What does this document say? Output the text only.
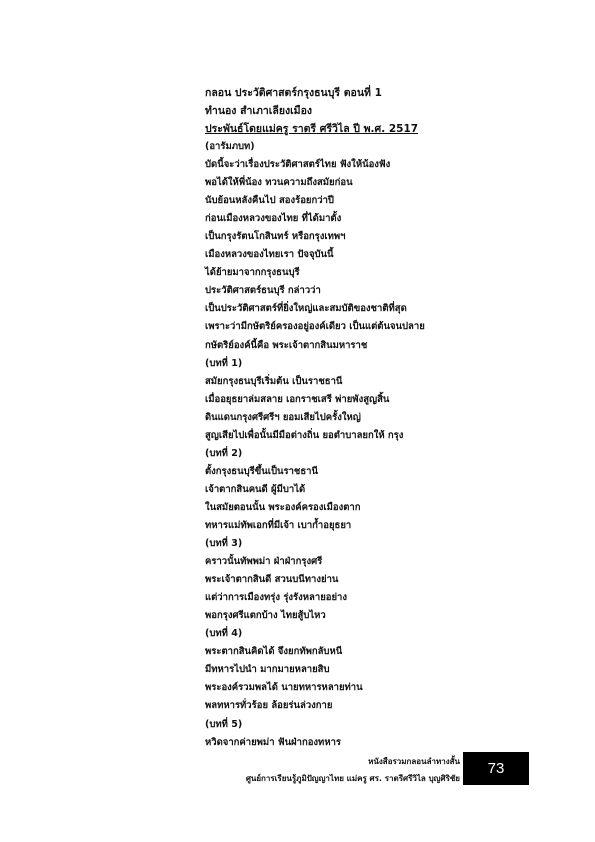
กลอน ประวัติศาสตร์กรุงธนบุรี ตอนที่ 1
ทำนอง สำเภาเลียงเมือง
ประพันธ์โดยแม่ครู ราตรี ศรีวิไล ปี พ.ศ. 2517
(อารัมภบท)
บัดนี้จะว่าเรื่องประวัติศาสตร์ไทย ฟังให้น้องฟัง
พอได้ให้พี่น้อง ทวนความถึงสมัยก่อน
นับย้อนหลังคืนไป สองร้อยกว่าปี
ก่อนเมืองหลวงของไทย ที่ได้มาตั้ง
เป็นกรุงรัตนโกสินทร์ หรือกรุงเทพฯ
เมืองหลวงของไทยเรา ปัจจุบันนี้
ได้ย้ายมาจากกรุงธนบุรี
ประวัติศาสตร์ธนบุรี กล่าวว่า
เป็นประวัติศาสตร์ที่ยิ่งใหญ่และสมบัติของชาติที่สุด
เพราะว่ามีกษัตริย์ครองอยู่องค์เดียว เป็นแต่ต้นจนปลาย
กษัตริย์องค์นี้คือ พระเจ้าตากสินมหาราช
(บทที่ 1)
สมัยกรุงธนบุรีเริ่มต้น เป็นราชธานี
เมื่ออยุธยาล่มสลาย เอกราชเสรี พ่ายพังสูญสิ้น
ดินแดนกรุงศรีศรีฯ ยอมเสียไปครั้งใหญ่
สูญเสียไปเพื่อนั้นมีมือต่างถิ่น ยอตำบาลยกให้ กรุง
(บทที่ 2)
ตั้งกรุงธนบุรีขึ้นเป็นราชธานี
เจ้าตากสินคนดี ผู้มีบาได้
ในสมัยตอนนั้น พระองค์ครองเมืองตาก
ทหารแม่ทัพเอกที่มีเจ้า เบาก้ำอยุธยา
(บทที่ 3)
คราวนั้นทัพพม่า ฝ่าฝ่ากรุงศรี
พระเจ้าตากสินดี สวนบนีทางย่าน
แต่ว่าการเมืองทรุ่ง รุ่งรังหลายอย่าง
พอกรุงศรีแตกบ้าง ไทยสู้บไหว
(บทที่ 4)
พระตากสินคิดได้ จึงยกทัพกลับหนี
มีทหารไปนำ มากมายหลายสิบ
พระองค์รวมพลได้ นายทหารหลายท่าน
พลทหารทั่วร้อย ล้อยร่นล่วงกาย
(บทที่ 5)
หวิดจากค่ายพม่า ฟันฝ่ากองทหาร
หนังสือรวมกลอนลำทางสั้น
ศูนย์การเรียนรู้ภูมิปัญญาไทย แม่ครู ศร. ราตรีศรีวิไล บุญศิริชัย
73
